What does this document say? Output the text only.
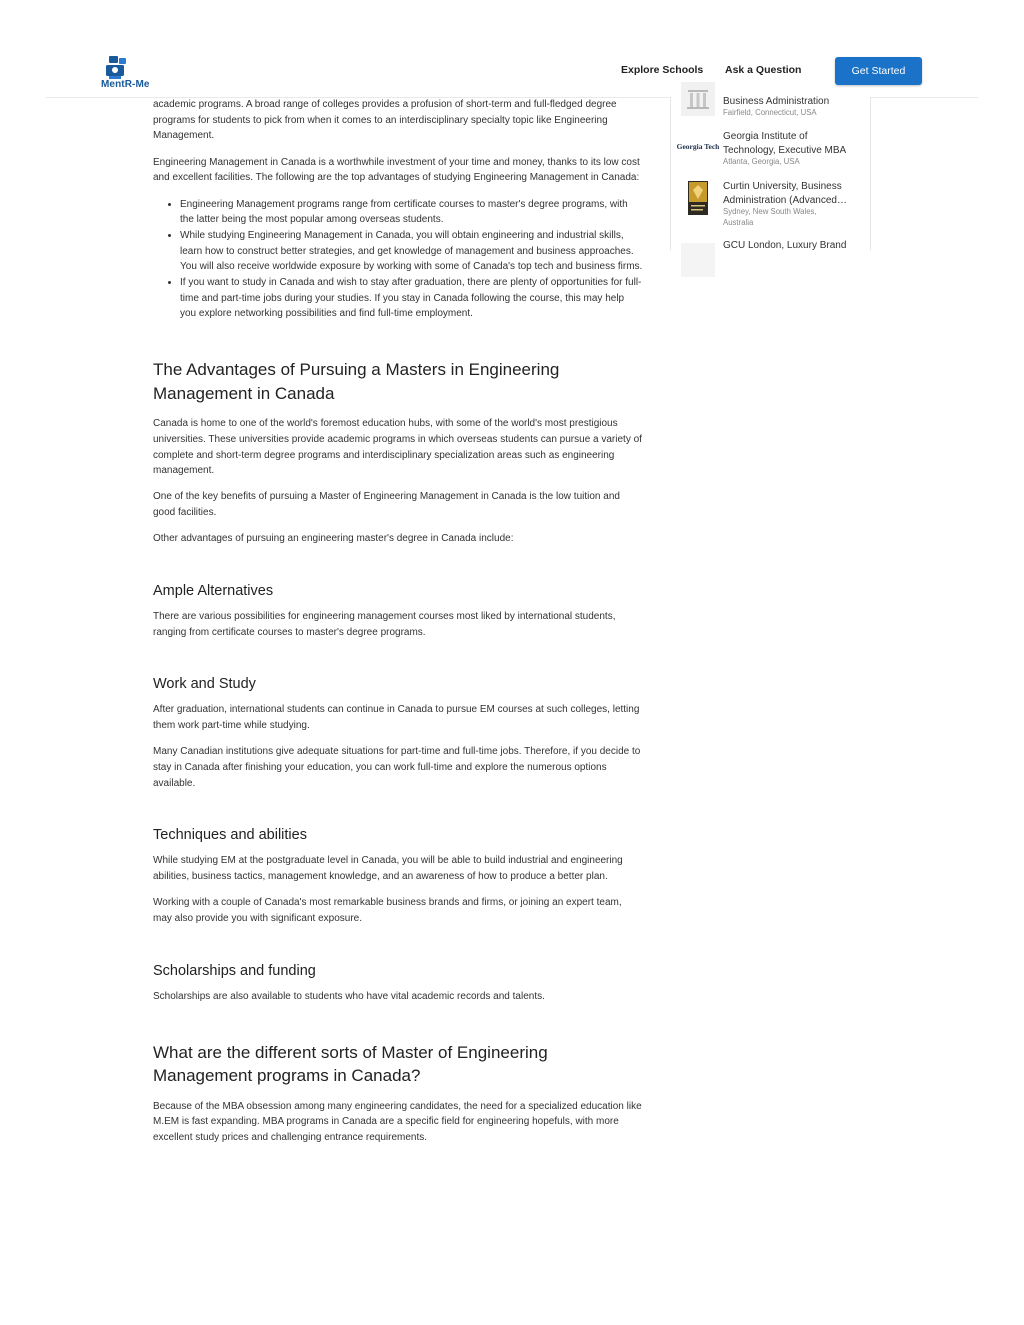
MentR-Me
Explore Schools Ask a Question	Get Started
Business Administration
Fairfield, Connecticut, USA
Georgia Tech
Georgia Institute of
Technology, Executive MBA
Atlanta, Georgia, USA
Curtin University, Business
Administration (Advanced…
Sydney, New South Wales,
Australia
GCU London, Luxury Brand

academic programs. A broad range of colleges provides a profusion of short-term and full-fledged degree programs for students to pick from when it comes to an interdisciplinary specialty topic like Engineering Management.

Engineering Management in Canada is a worthwhile investment of your time and money, thanks to its low cost and excellent facilities. The following are the top advantages of studying Engineering Management in Canada:

• Engineering Management programs range from certificate courses to master's degree programs, with the latter being the most popular among overseas students.
• While studying Engineering Management in Canada, you will obtain engineering and industrial skills, learn how to construct better strategies, and get knowledge of management and business approaches. You will also receive worldwide exposure by working with some of Canada's top tech and business firms.
• If you want to study in Canada and wish to stay after graduation, there are plenty of opportunities for full-time and part-time jobs during your studies. If you stay in Canada following the course, this may help you explore networking possibilities and find full-time employment.
The Advantages of Pursuing a Masters in Engineering Management in Canada

Canada is home to one of the world's foremost education hubs, with some of the world's most prestigious universities. These universities provide academic programs in which overseas students can pursue a variety of complete and short-term degree programs and interdisciplinary specialization areas such as engineering management.

One of the key benefits of pursuing a Master of Engineering Management in Canada is the low tuition and good facilities.

Other advantages of pursuing an engineering master's degree in Canada include:

Ample Alternatives

There are various possibilities for engineering management courses most liked by international students, ranging from certificate courses to master's degree programs.

Work and Study

After graduation, international students can continue in Canada to pursue EM courses at such colleges, letting them work part-time while studying.

Many Canadian institutions give adequate situations for part-time and full-time jobs. Therefore, if you decide to stay in Canada after finishing your education, you can work full-time and explore the numerous options available.

Techniques and abilities

While studying EM at the postgraduate level in Canada, you will be able to build industrial and engineering abilities, business tactics, management knowledge, and an awareness of how to produce a better plan.

Working with a couple of Canada's most remarkable business brands and firms, or joining an expert team, may also provide you with significant exposure.

Scholarships and funding

Scholarships are also available to students who have vital academic records and talents.

What are the different sorts of Master of Engineering Management programs in Canada?

Because of the MBA obsession among many engineering candidates, the need for a specialized education like M.EM is fast expanding. MBA programs in Canada are a specific field for engineering hopefuls, with more excellent study prices and challenging entrance requirements.
